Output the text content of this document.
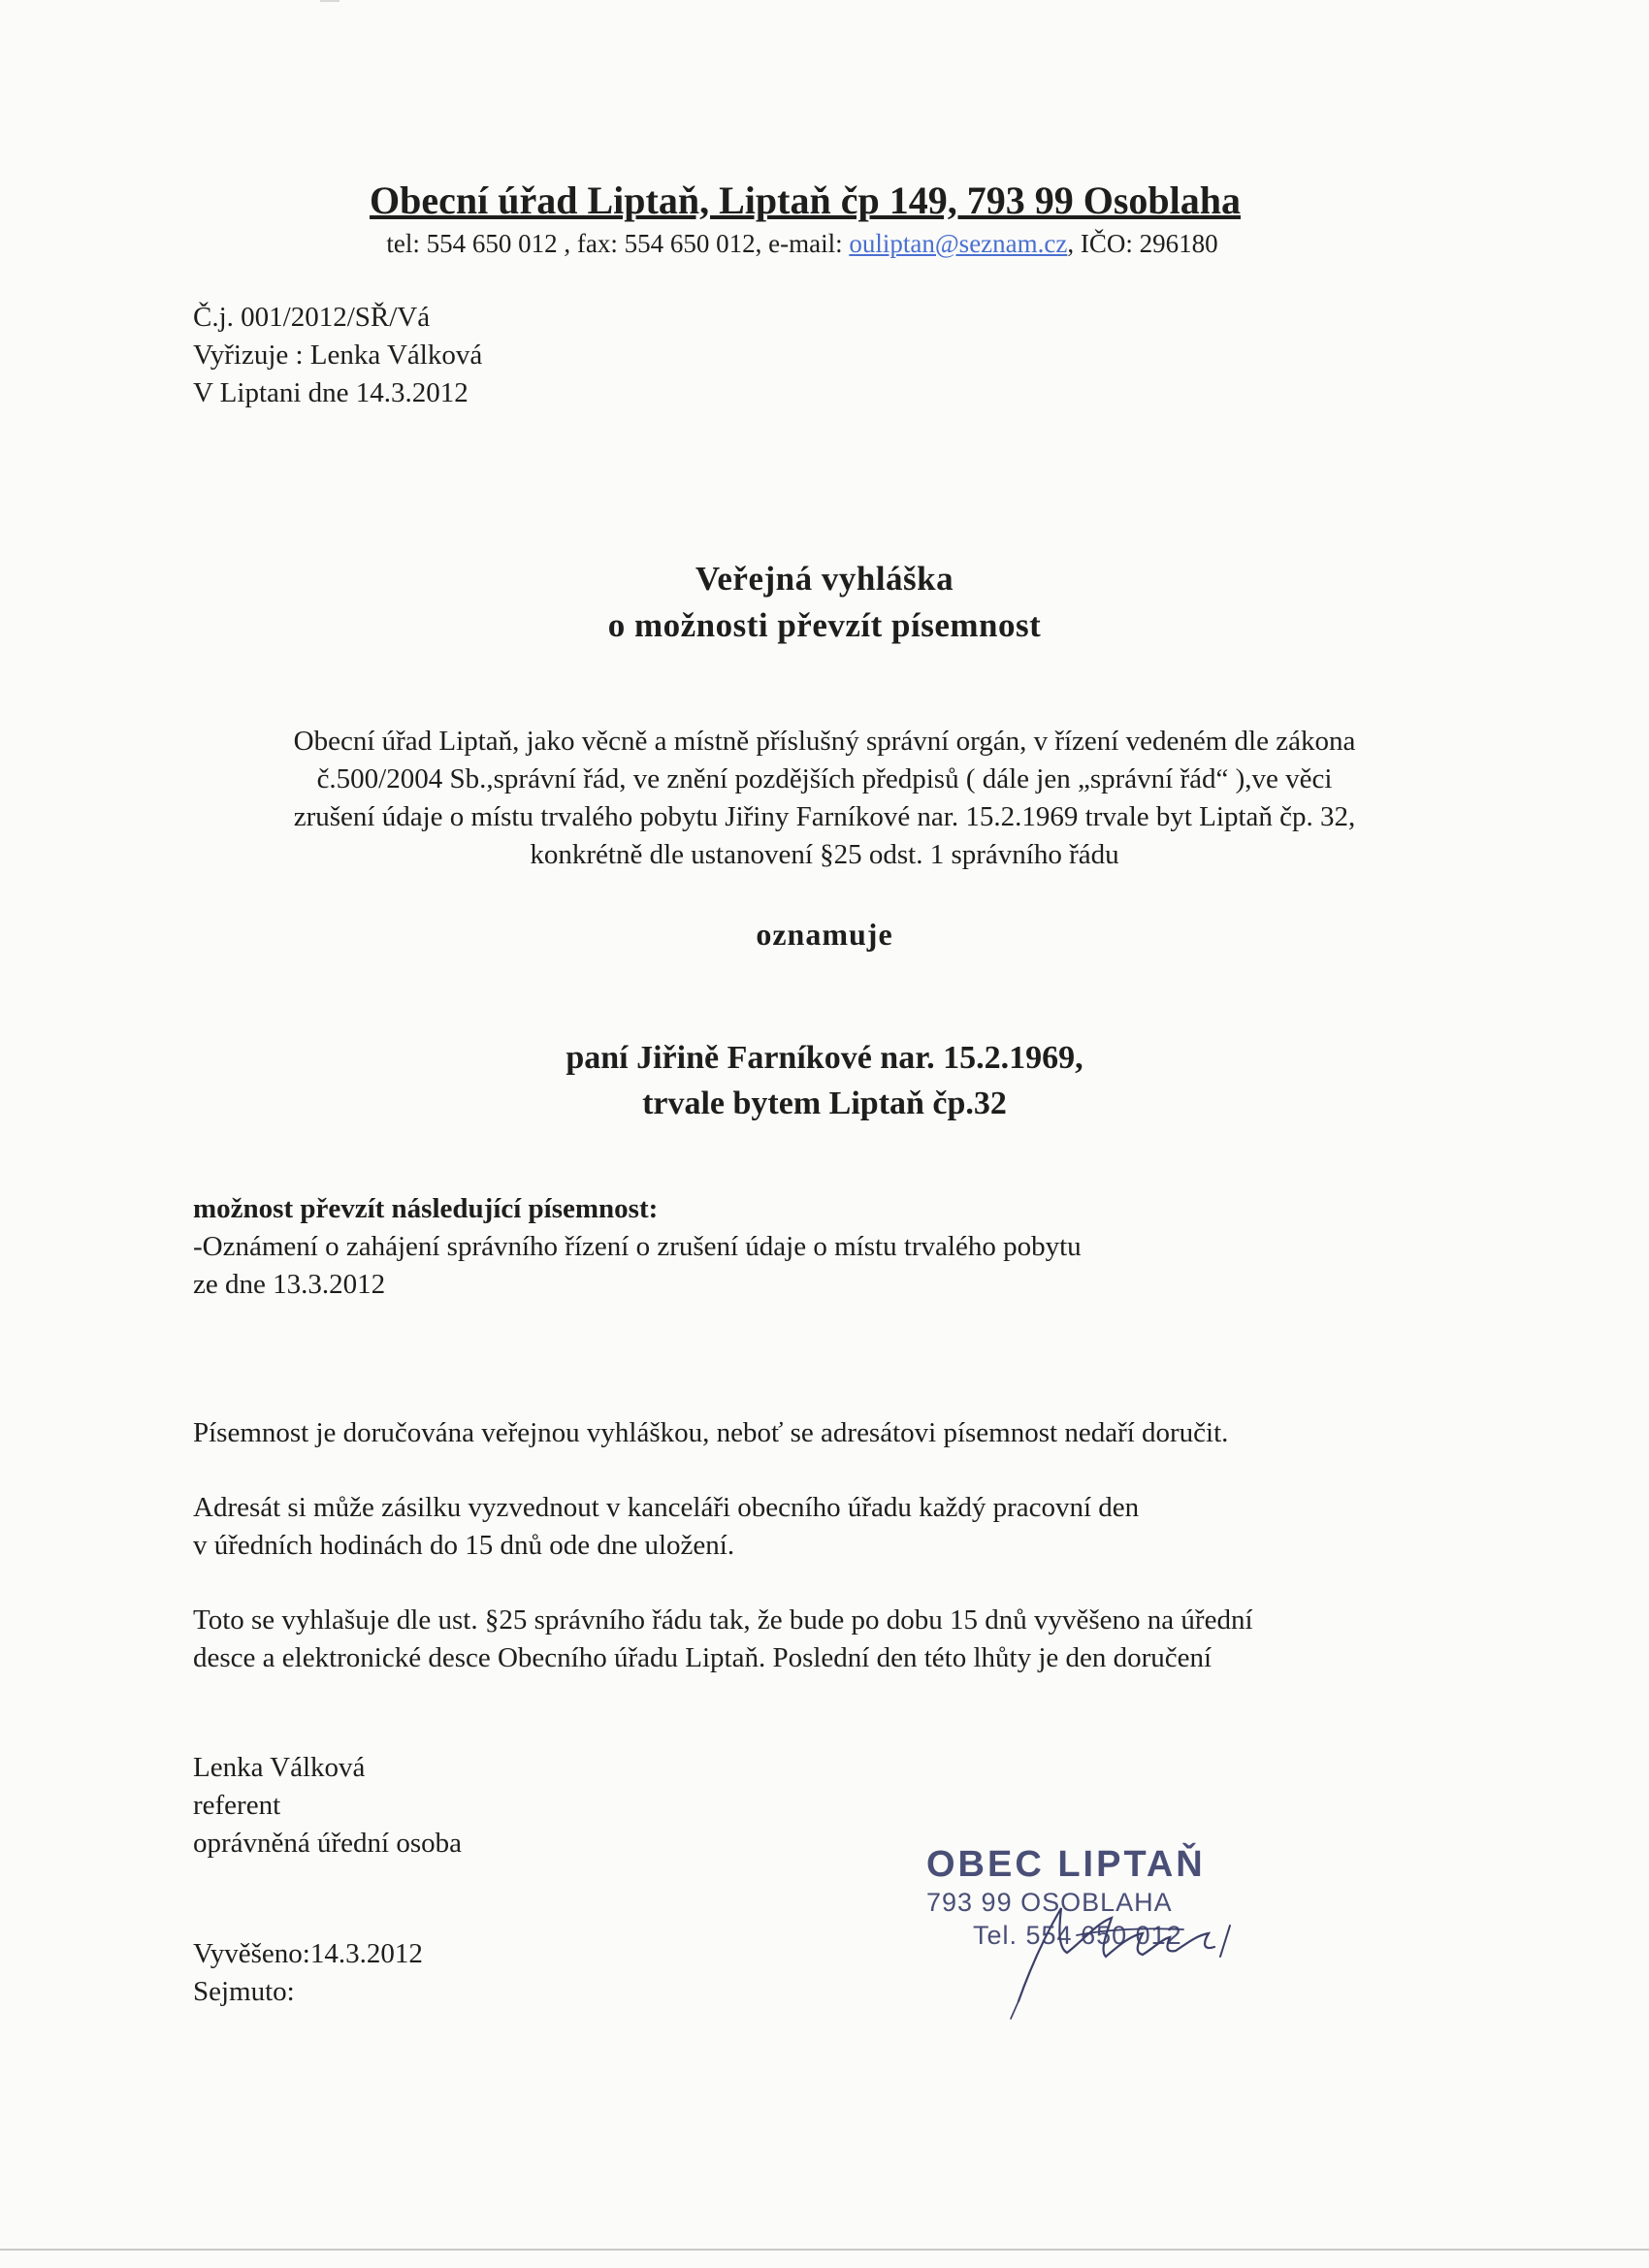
Obecní úřad Liptaň, Liptaň čp 149, 793 99 Osoblaha
tel: 554 650 012 , fax: 554 650 012, e-mail: ouliptan@seznam.cz, IČO: 296180
Č.j. 001/2012/SŘ/Vá
Vyřizuje : Lenka Válková
V Liptani dne 14.3.2012
Veřejná vyhláška
o možnosti převzít písemnost
Obecní úřad Liptaň, jako věcně a místně příslušný správní orgán, v řízení vedeném dle zákona
č.500/2004 Sb.,správní řád, ve znění pozdějších předpisů ( dále jen „správní řád“ ),ve věci
zrušení údaje o místu trvalého pobytu Jiřiny Farníkové nar. 15.2.1969 trvale byt Liptaň čp. 32,
konkrétně dle ustanovení §25 odst. 1 správního řádu
oznamuje
paní Jiřině Farníkové nar. 15.2.1969,
trvale bytem Liptaň čp.32
možnost převzít následující písemnost:
-Oznámení o zahájení správního řízení o zrušení údaje o místu trvalého pobytu
ze dne 13.3.2012
Písemnost je doručována veřejnou vyhláškou, neboť se adresátovi písemnost nedaří doručit.
Adresát si může zásilku vyzvednout v kanceláři obecního úřadu každý pracovní den
v úředních hodinách do 15 dnů ode dne uložení.
Toto se vyhlašuje dle ust. §25 správního řádu tak, že bude po dobu 15 dnů vyvěšeno na úřední
desce a elektronické desce Obecního úřadu Liptaň. Poslední den této lhůty je den doručení
Lenka Válková
referent
oprávněná úřední osoba
Vyvěšeno:14.3.2012
Sejmuto:
OBEC LIPTAŇ
793 99 OSOBLAHA
Tel. 554 650 012
